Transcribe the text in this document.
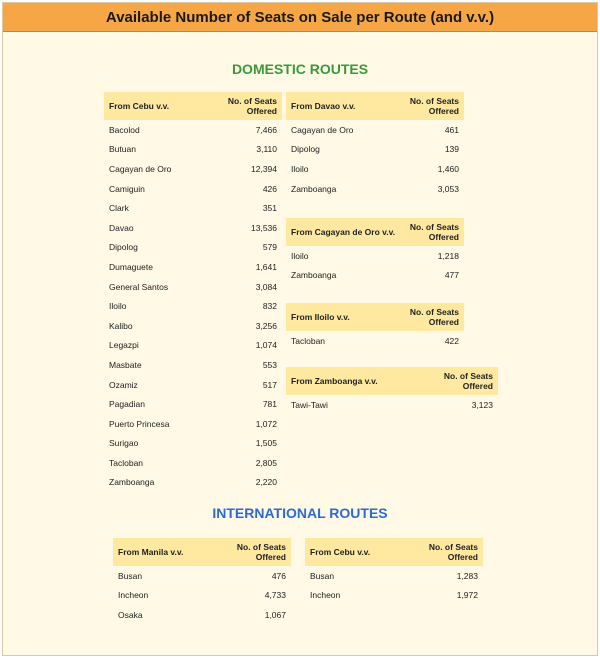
Available Number of Seats on Sale per Route (and v.v.)
DOMESTIC ROUTES
From Cebu v.v.	No. of Seats Offered
Bacolod	7,466
Butuan	3,110
Cagayan de Oro	12,394
Camiguin	426
Clark	351
Davao	13,536
Dipolog	579
Dumaguete	1,641
General Santos	3,084
Iloilo	832
Kalibo	3,256
Legazpi	1,074
Masbate	553
Ozamiz	517
Pagadian	781
Puerto Princesa	1,072
Surigao	1,505
Tacloban	2,805
Zamboanga	2,220
From Davao v.v.	No. of Seats Offered
Cagayan de Oro	461
Dipolog	139
Iloilo	1,460
Zamboanga	3,053
From Cagayan de Oro v.v.	No. of Seats Offered
Iloilo	1,218
Zamboanga	477
From Iloilo v.v.	No. of Seats Offered
Tacloban	422
From Zamboanga v.v.	No. of Seats Offered
Tawi-Tawi	3,123
INTERNATIONAL ROUTES
From Manila v.v.	No. of Seats Offered
Busan	476
Incheon	4,733
Osaka	1,067
From Cebu v.v.	No. of Seats Offered
Busan	1,283
Incheon	1,972
